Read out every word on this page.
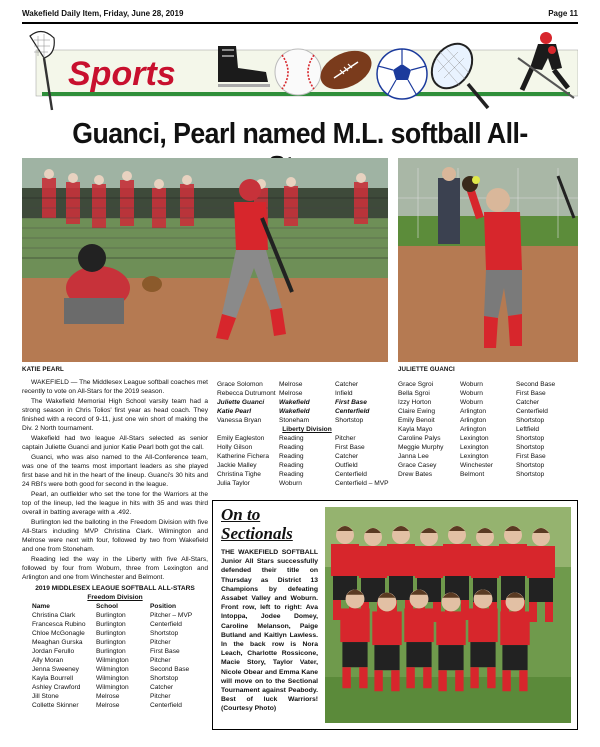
Wakefield Daily Item, Friday, June 28, 2019	Page 11
Sports
Guanci, Pearl named M.L. softball All-
KATIE PEARL	JULIETTE GUANCI

WAKEFIELD — The Middlesex League softball coaches met recently to vote on All-Stars for the 2019 season.

The Wakefield Memorial High School varsity team had a strong season in Chris Tolios' first year as head coach. They finished with a record of 9-11, just one win short of making the Div. 2 North tournament.

Wakefield had two league All-Stars selected as senior captain Juliette Guanci and junior Katie Pearl both got the call.

Guanci, who was also named to the All-Conference team, was one of the teams most important leaders as she played first base and hit in the heart of the lineup. Guanci's 30 hits and 24 RBI's were both good for second in the league.

Pearl, an outfielder who set the tone for the Warriors at the top of the lineup, led the league in hits with 35 and was third overall in batting average with a .492.

Burlington led the balloting in the Freedom Division with five All-Stars including MVP Christina Clark. Wilmington and Melrose were next with four, followed by two from Wakefield and one from Stoneham.

Reading led the way in the Liberty with five All-Stars, followed by four from Woburn, three from Lexington and Arlington and one from Winchester and Belmont.

2019 MIDDLESEX LEAGUE SOFTBALL ALL-STARS
Freedom Division
Name	School	Position
Christina Clark	Burlington	Pitcher – MVP
Francesca Rubino	Burlington	Centerfield
Chloe McGonagle	Burlington	Shortstop
Meaghan Gurska	Burlington	Pitcher
Jordan Ferullo	Burlington	First Base
Ally Moran	Wilmington	Pitcher
Jenna Sweeney	Wilmington	Second Base
Kayla Bourrell	Wilmington	Shortstop
Ashley Crawford	Wilmington	Catcher
Jill Stone	Melrose	Pitcher
Collette Skinner	Melrose	Centerfield
Grace Solomon	Melrose	Catcher
Rebecca Dutrumont Melrose	Infield
Juliette Guanci	Wakefield	First Base
Katie Pearl	Wakefield	Centerfield
Vanessa Bryan	Stoneham	Shortstop
Liberty Division
Emily Eagleston	Reading	Pitcher
Holly Gilson	Reading	First Base
Katherine Fichera	Reading	Catcher
Jackie Malley	Reading	Outfield
Christina Tighe	Reading	Centerfield
Julia Taylor	Woburn	Centerfield – MVP
Grace Sgroi	Woburn	Second Base
Bella Sgroi	Woburn	First Base
Izzy Horton	Woburn	Catcher
Claire Ewing	Arlington	Centerfield
Emily Benoit	Arlington	Shortstop
Kayla Mayo	Arlington	Leftfield
Caroline Palys	Lexington	Shortstop
Meggie Murphy	Lexington	Shortstop
Janna Lee	Lexington	First Base
Grace Casey	Winchester	Shortstop
Drew Bates	Belmont	Shortstop
On to
Sectionals
THE WAKEFIELD SOFTBALL Junior All Stars successfully defended their title on Thursday as District 13 Champions by defeating Assabet Valley and Woburn. Front row, left to right: Ava Intoppa, Jodee Domey, Caroline Melanson, Paige Butland and Kaitlyn Lawless. In the back row is Nora Leach, Charlotte Rossicone, Macie Story, Taylor Vater, Nicole Obear and Emma Kane will move on to the Sectional Tournament against Peabody. Best of luck Warriors! (Courtesy Photo)
